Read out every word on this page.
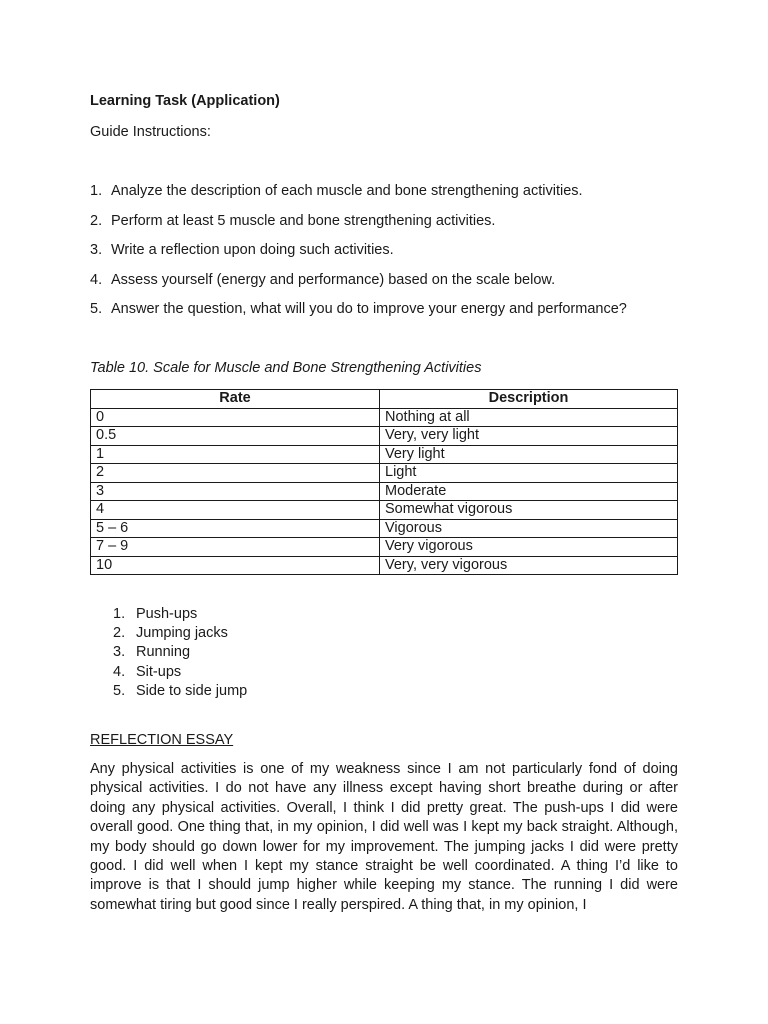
Learning Task (Application)
Guide Instructions:
1. Analyze the description of each muscle and bone strengthening activities.
2. Perform at least 5 muscle and bone strengthening activities.
3. Write a reflection upon doing such activities.
4. Assess yourself (energy and performance) based on the scale below.
5. Answer the question, what will you do to improve your energy and performance?
Table 10. Scale for Muscle and Bone Strengthening Activities
Rate	Description
0	Nothing at all
0.5	Very, very light
1	Very light
2	Light
3	Moderate
4	Somewhat vigorous
5 – 6	Vigorous
7 – 9	Very vigorous
10	Very, very vigorous
1. Push-ups
2. Jumping jacks
3. Running
4. Sit-ups
5. Side to side jump
REFLECTION ESSAY

Any physical activities is one of my weakness since I am not particularly fond of doing physical activities. I do not have any illness except having short breathe during or after doing any physical activities. Overall, I think I did pretty great. The push-ups I did were overall good. One thing that, in my opinion, I did well was I kept my back straight. Although, my body should go down lower for my improvement. The jumping jacks I did were pretty good. I did well when I kept my stance straight be well coordinated. A thing I’d like to improve is that I should jump higher while keeping my stance. The running I did were somewhat tiring but good since I really perspired. A thing that, in my opinion, I
